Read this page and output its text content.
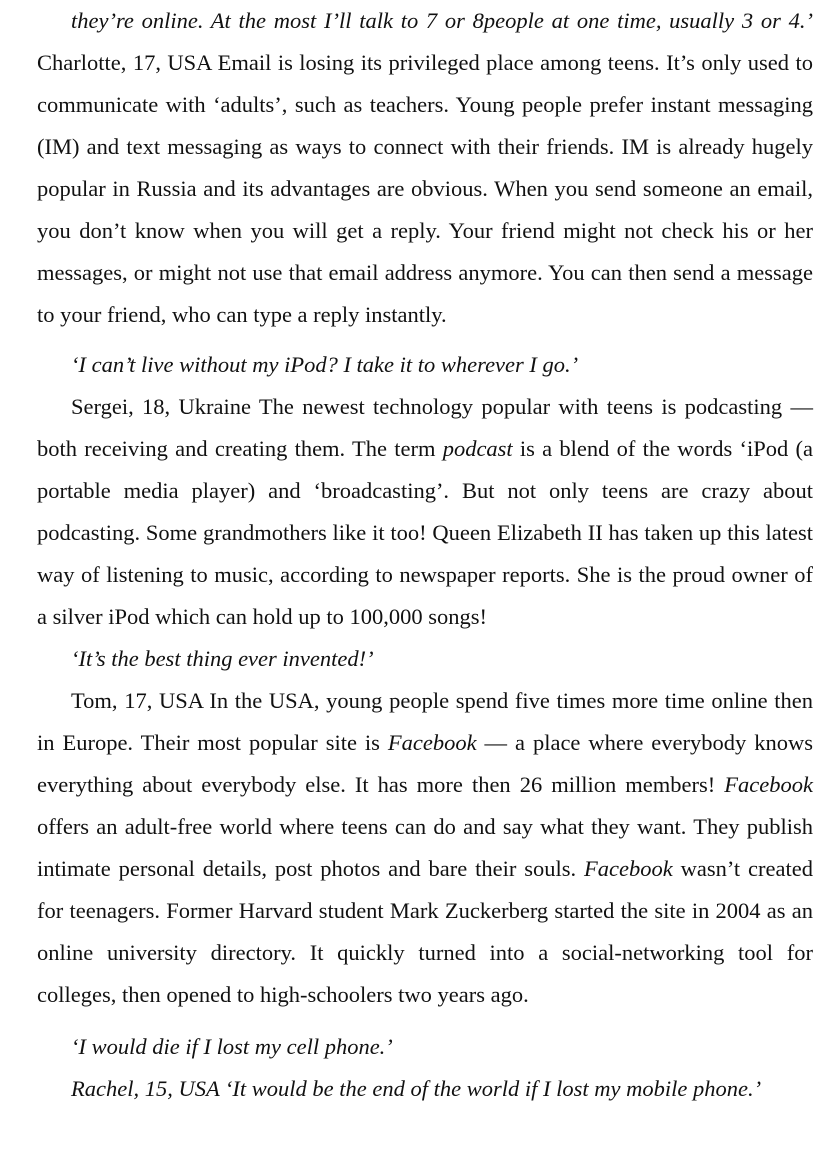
they’re online. At the most I’ll talk to 7 or 8people at one time, usually 3 or 4.’ Charlotte, 17, USA Email is losing its privileged place among teens. It’s only used to communicate with ‘adults’, such as teachers. Young people prefer instant messaging (IM) and text messaging as ways to connect with their friends. IM is already hugely popular in Russia and its advantages are obvious. When you send someone an email, you don’t know when you will get a reply. Your friend might not check his or her messages, or might not use that email address anymore. You can then send a message to your friend, who can type a reply instantly.

‘I can’t live without my iPod? I take it to wherever I go.’

Sergei, 18, Ukraine The newest technology popular with teens is podcasting — both receiving and creating them. The term podcast is a blend of the words ‘iPod (a portable media player) and ‘broadcasting’. But not only teens are crazy about podcasting. Some grandmothers like it too! Queen Elizabeth II has taken up this latest way of listening to music, according to newspaper reports. She is the proud owner of a silver iPod which can hold up to 100,000 songs!

‘It’s the best thing ever invented!’

Tom, 17, USA In the USA, young people spend five times more time online then in Europe. Their most popular site is Facebook — a place where everybody knows everything about everybody else. It has more then 26 million members! Facebook offers an adult-free world where teens can do and say what they want. They publish intimate personal details, post photos and bare their souls. Facebook wasn’t created for teenagers. Former Harvard student Mark Zuckerberg started the site in 2004 as an online university directory. It quickly turned into a social-networking tool for colleges, then opened to high-schoolers two years ago.

‘I would die if I lost my cell phone.’

Rachel, 15, USA ‘It would be the end of the world if I lost my mobile phone.’
